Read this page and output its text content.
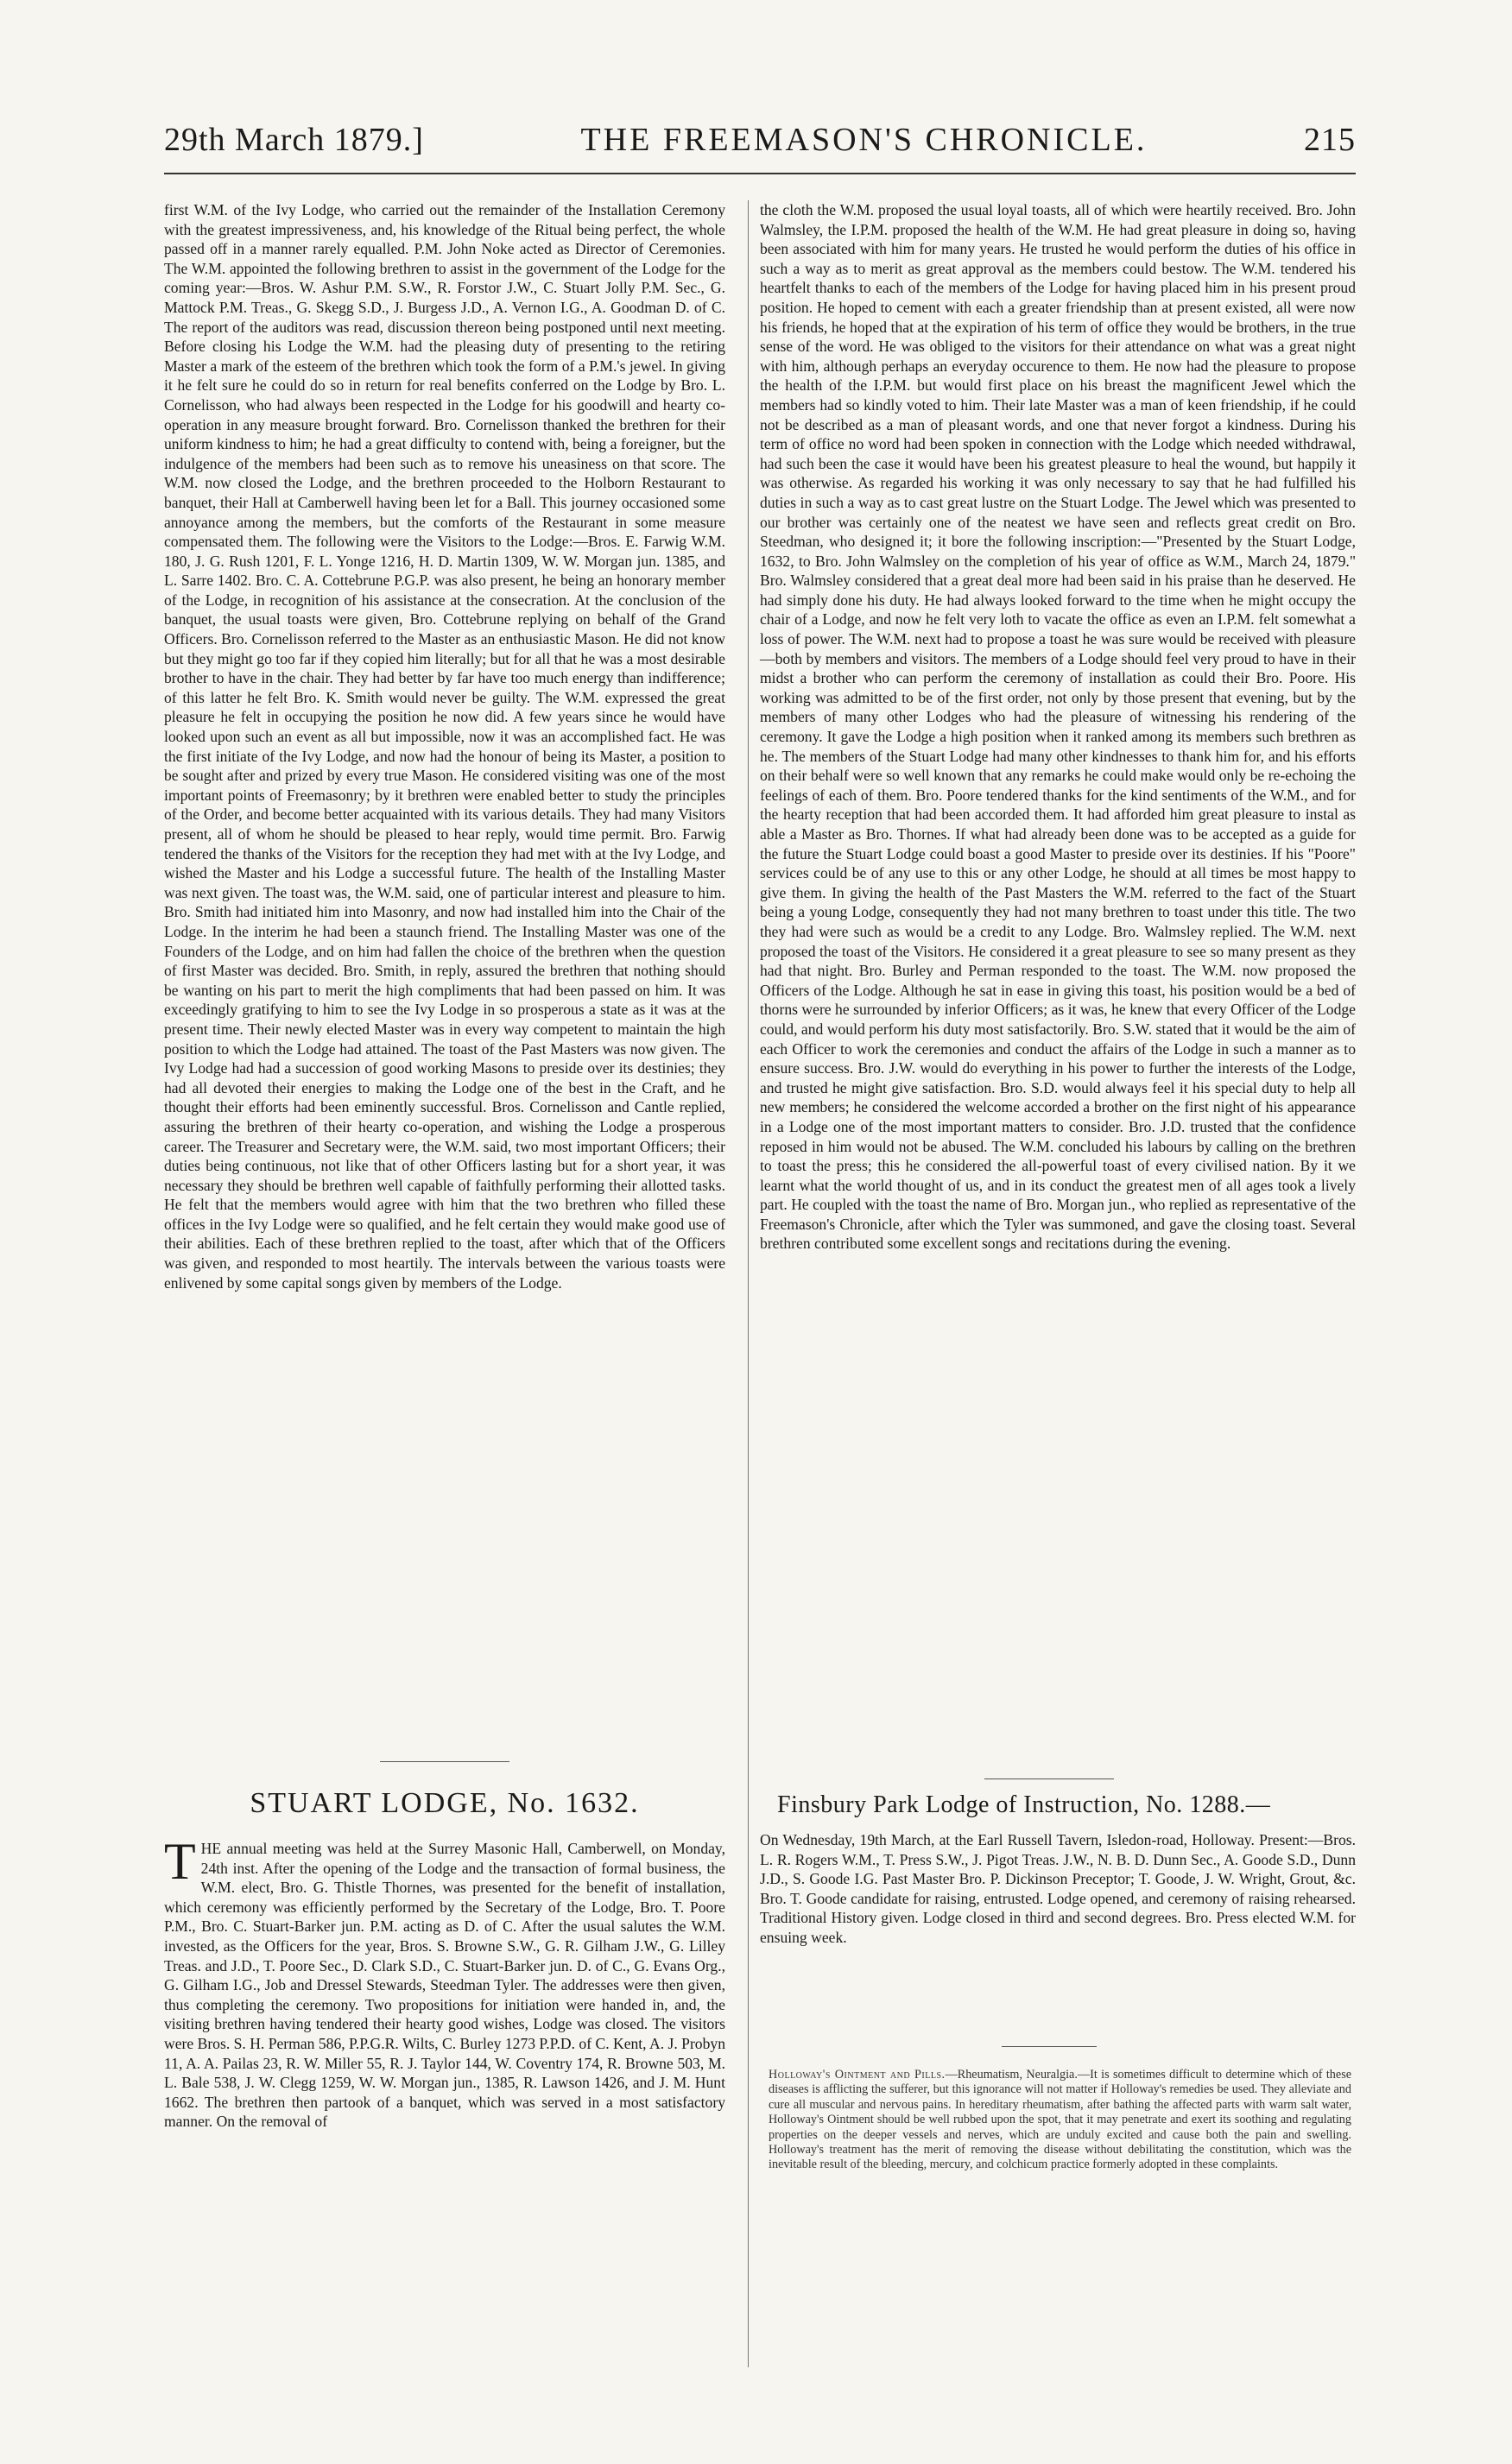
29th March 1879.]	THE FREEMASON'S CHRONICLE.	215

first W.M. of the Ivy Lodge, who carried out the remainder of the Installation Ceremony with the greatest impressiveness, and, his knowledge of the Ritual being perfect, the whole passed off in a manner rarely equalled. P.M. John Noke acted as Director of Ceremonies. The W.M. appointed the following brethren to assist in the government of the Lodge for the coming year:—Bros. W. Ashur P.M. S.W., R. Forstor J.W., C. Stuart Jolly P.M. Sec., G. Mattock P.M. Treas., G. Skegg S.D., J. Burgess J.D., A. Vernon I.G., A. Goodman D. of C. The report of the auditors was read, discussion thereon being postponed until next meeting. Before closing his Lodge the W.M. had the pleasing duty of presenting to the retiring Master a mark of the esteem of the brethren which took the form of a P.M.'s jewel. In giving it he felt sure he could do so in return for real benefits conferred on the Lodge by Bro. L. Cornelisson, who had always been respected in the Lodge for his goodwill and hearty co-operation in any measure brought forward. Bro. Cornelisson thanked the brethren for their uniform kindness to him; he had a great difficulty to contend with, being a foreigner, but the indulgence of the members had been such as to remove his uneasiness on that score. The W.M. now closed the Lodge, and the brethren proceeded to the Holborn Restaurant to banquet, their Hall at Camberwell having been let for a Ball. This journey occasioned some annoyance among the members, but the comforts of the Restaurant in some measure compensated them. The following were the Visitors to the Lodge:—Bros. E. Farwig W.M. 180, J. G. Rush 1201, F. L. Yonge 1216, H. D. Martin 1309, W. W. Morgan jun. 1385, and L. Sarre 1402. Bro. C. A. Cottebrune P.G.P. was also present, he being an honorary member of the Lodge, in recognition of his assistance at the consecration. At the conclusion of the banquet, the usual toasts were given, Bro. Cottebrune replying on behalf of the Grand Officers. Bro. Cornelisson referred to the Master as an enthusiastic Mason. He did not know but they might go too far if they copied him literally; but for all that he was a most desirable brother to have in the chair. They had better by far have too much energy than indifference; of this latter he felt Bro. K. Smith would never be guilty. The W.M. expressed the great pleasure he felt in occupying the position he now did. A few years since he would have looked upon such an event as all but impossible, now it was an accomplished fact. He was the first initiate of the Ivy Lodge, and now had the honour of being its Master, a position to be sought after and prized by every true Mason. He considered visiting was one of the most important points of Freemasonry; by it brethren were enabled better to study the principles of the Order, and become better acquainted with its various details. They had many Visitors present, all of whom he should be pleased to hear reply, would time permit. Bro. Farwig tendered the thanks of the Visitors for the reception they had met with at the Ivy Lodge, and wished the Master and his Lodge a successful future. The health of the Installing Master was next given. The toast was, the W.M. said, one of particular interest and pleasure to him. Bro. Smith had initiated him into Masonry, and now had installed him into the Chair of the Lodge. In the interim he had been a staunch friend. The Installing Master was one of the Founders of the Lodge, and on him had fallen the choice of the brethren when the question of first Master was decided. Bro. Smith, in reply, assured the brethren that nothing should be wanting on his part to merit the high compliments that had been passed on him. It was exceedingly gratifying to him to see the Ivy Lodge in so prosperous a state as it was at the present time. Their newly elected Master was in every way competent to maintain the high position to which the Lodge had attained. The toast of the Past Masters was now given. The Ivy Lodge had had a succession of good working Masons to preside over its destinies; they had all devoted their energies to making the Lodge one of the best in the Craft, and he thought their efforts had been eminently successful. Bros. Cornelisson and Cantle replied, assuring the brethren of their hearty co-operation, and wishing the Lodge a prosperous career. The Treasurer and Secretary were, the W.M. said, two most important Officers; their duties being continuous, not like that of other Officers lasting but for a short year, it was necessary they should be brethren well capable of faithfully performing their allotted tasks. He felt that the members would agree with him that the two brethren who filled these offices in the Ivy Lodge were so qualified, and he felt certain they would make good use of their abilities. Each of these brethren replied to the toast, after which that of the Officers was given, and responded to most heartily. The intervals between the various toasts were enlivened by some capital songs given by members of the Lodge.

STUART LODGE, No. 1632.

THE annual meeting was held at the Surrey Masonic Hall, Camberwell, on Monday, 24th inst. After the opening of the Lodge and the transaction of formal business, the W.M. elect, Bro. G. Thistle Thornes, was presented for the benefit of installation, which ceremony was efficiently performed by the Secretary of the Lodge, Bro. T. Poore P.M., Bro. C. Stuart-Barker jun. P.M. acting as D. of C. After the usual salutes the W.M. invested, as the Officers for the year, Bros. S. Browne S.W., G. R. Gilham J.W., G. Lilley Treas. and J.D., T. Poore Sec., D. Clark S.D., C. Stuart-Barker jun. D. of C., G. Evans Org., G. Gilham I.G., Job and Dressel Stewards, Steedman Tyler. The addresses were then given, thus completing the ceremony. Two propositions for initiation were handed in, and, the visiting brethren having tendered their hearty good wishes, Lodge was closed. The visitors were Bros. S. H. Perman 586, P.P.G.R. Wilts, C. Burley 1273 P.P.D. of C. Kent, A. J. Probyn 11, A. A. Pailas 23, R. W. Miller 55, R. J. Taylor 144, W. Coventry 174, R. Browne 503, M. L. Bale 538, J. W. Clegg 1259, W. W. Morgan jun., 1385, R. Lawson 1426, and J. M. Hunt 1662. The brethren then partook of a banquet, which was served in a most satisfactory manner. On the removal of

the cloth the W.M. proposed the usual loyal toasts, all of which were heartily received. Bro. John Walmsley, the I.P.M. proposed the health of the W.M. He had great pleasure in doing so, having been associated with him for many years. He trusted he would perform the duties of his office in such a way as to merit as great approval as the members could bestow. The W.M. tendered his heartfelt thanks to each of the members of the Lodge for having placed him in his present proud position. He hoped to cement with each a greater friendship than at present existed, all were now his friends, he hoped that at the expiration of his term of office they would be brothers, in the true sense of the word. He was obliged to the visitors for their attendance on what was a great night with him, although perhaps an everyday occurence to them. He now had the pleasure to propose the health of the I.P.M. but would first place on his breast the magnificent Jewel which the members had so kindly voted to him. Their late Master was a man of keen friendship, if he could not be described as a man of pleasant words, and one that never forgot a kindness. During his term of office no word had been spoken in connection with the Lodge which needed withdrawal, had such been the case it would have been his greatest pleasure to heal the wound, but happily it was otherwise. As regarded his working it was only necessary to say that he had fulfilled his duties in such a way as to cast great lustre on the Stuart Lodge. The Jewel which was presented to our brother was certainly one of the neatest we have seen and reflects great credit on Bro. Steedman, who designed it; it bore the following inscription:—"Presented by the Stuart Lodge, 1632, to Bro. John Walmsley on the completion of his year of office as W.M., March 24, 1879." Bro. Walmsley considered that a great deal more had been said in his praise than he deserved. He had simply done his duty. He had always looked forward to the time when he might occupy the chair of a Lodge, and now he felt very loth to vacate the office as even an I.P.M. felt somewhat a loss of power. The W.M. next had to propose a toast he was sure would be received with pleasure—both by members and visitors. The members of a Lodge should feel very proud to have in their midst a brother who can perform the ceremony of installation as could their Bro. Poore. His working was admitted to be of the first order, not only by those present that evening, but by the members of many other Lodges who had the pleasure of witnessing his rendering of the ceremony. It gave the Lodge a high position when it ranked among its members such brethren as he. The members of the Stuart Lodge had many other kindnesses to thank him for, and his efforts on their behalf were so well known that any remarks he could make would only be re-echoing the feelings of each of them. Bro. Poore tendered thanks for the kind sentiments of the W.M., and for the hearty reception that had been accorded them. It had afforded him great pleasure to instal as able a Master as Bro. Thornes. If what had already been done was to be accepted as a guide for the future the Stuart Lodge could boast a good Master to preside over its destinies. If his "Poore" services could be of any use to this or any other Lodge, he should at all times be most happy to give them. In giving the health of the Past Masters the W.M. referred to the fact of the Stuart being a young Lodge, consequently they had not many brethren to toast under this title. The two they had were such as would be a credit to any Lodge. Bro. Walmsley replied. The W.M. next proposed the toast of the Visitors. He considered it a great pleasure to see so many present as they had that night. Bro. Burley and Perman responded to the toast. The W.M. now proposed the Officers of the Lodge. Although he sat in ease in giving this toast, his position would be a bed of thorns were he surrounded by inferior Officers; as it was, he knew that every Officer of the Lodge could, and would perform his duty most satisfactorily. Bro. S.W. stated that it would be the aim of each Officer to work the ceremonies and conduct the affairs of the Lodge in such a manner as to ensure success. Bro. J.W. would do everything in his power to further the interests of the Lodge, and trusted he might give satisfaction. Bro. S.D. would always feel it his special duty to help all new members; he considered the welcome accorded a brother on the first night of his appearance in a Lodge one of the most important matters to consider. Bro. J.D. trusted that the confidence reposed in him would not be abused. The W.M. concluded his labours by calling on the brethren to toast the press; this he considered the all-powerful toast of every civilised nation. By it we learnt what the world thought of us, and in its conduct the greatest men of all ages took a lively part. He coupled with the toast the name of Bro. Morgan jun., who replied as representative of the Freemason's Chronicle, after which the Tyler was summoned, and gave the closing toast. Several brethren contributed some excellent songs and recitations during the evening.

Finsbury Park Lodge of Instruction, No. 1288.—

On Wednesday, 19th March, at the Earl Russell Tavern, Isledon-road, Holloway. Present:—Bros. L. R. Rogers W.M., T. Press S.W., J. Pigot Treas. J.W., N. B. D. Dunn Sec., A. Goode S.D., Dunn J.D., S. Goode I.G. Past Master Bro. P. Dickinson Preceptor; T. Goode, J. W. Wright, Grout, &c. Bro. T. Goode candidate for raising, entrusted. Lodge opened, and ceremony of raising rehearsed. Traditional History given. Lodge closed in third and second degrees. Bro. Press elected W.M. for ensuing week.

Holloway's Ointment and Pills.—Rheumatism, Neuralgia.—It is sometimes difficult to determine which of these diseases is afflicting the sufferer, but this ignorance will not matter if Holloway's remedies be used. They alleviate and cure all muscular and nervous pains. In hereditary rheumatism, after bathing the affected parts with warm salt water, Holloway's Ointment should be well rubbed upon the spot, that it may penetrate and exert its soothing and regulating properties on the deeper vessels and nerves, which are unduly excited and cause both the pain and swelling. Holloway's treatment has the merit of removing the disease without debilitating the constitution, which was the inevitable result of the bleeding, mercury, and colchicum practice formerly adopted in these complaints.
